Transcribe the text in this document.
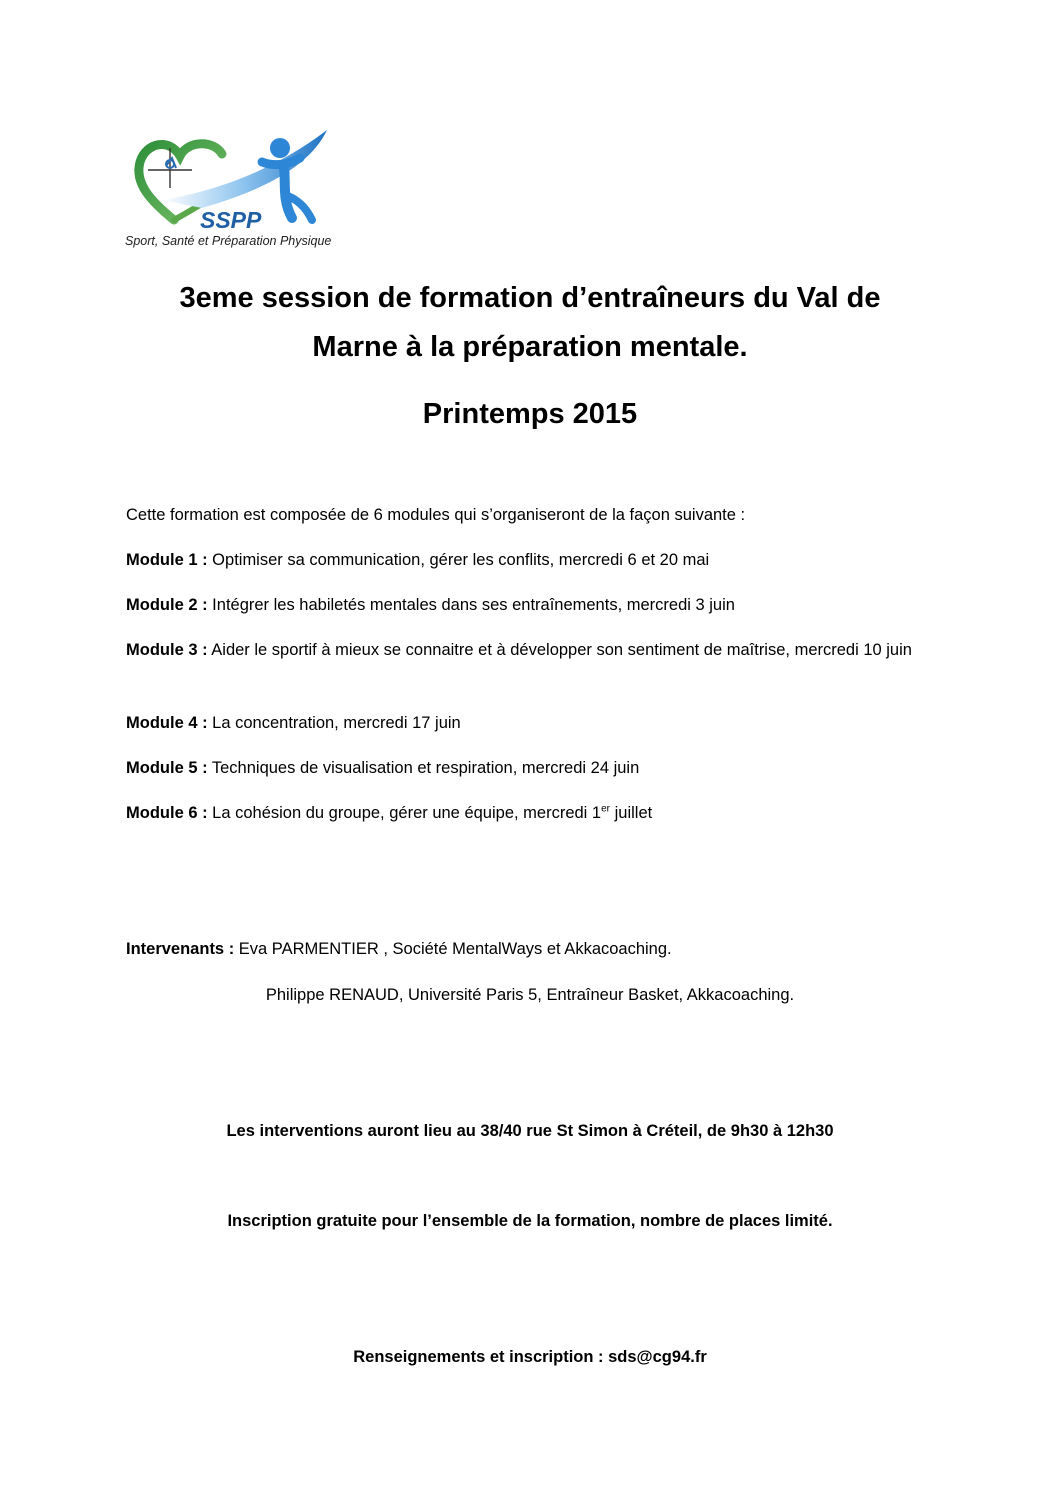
SSPP
Sport, Santé et Préparation Physique
3eme session de formation d’entraîneurs du Val de
Marne à la préparation mentale.
Printemps 2015

Cette formation est composée de 6 modules qui s’organiseront de la façon suivante :

Module 1 : Optimiser sa communication, gérer les conflits, mercredi 6 et 20 mai

Module 2 : Intégrer les habiletés mentales dans ses entraînements, mercredi 3 juin

Module 3 : Aider le sportif à mieux se connaitre et à développer son sentiment de maîtrise, mercredi 10 juin

Module 4 : La concentration, mercredi 17 juin

Module 5 : Techniques de visualisation et respiration, mercredi 24 juin

Module 6 : La cohésion du groupe, gérer une équipe, mercredi 1er juillet

Intervenants : Eva PARMENTIER , Société MentalWays et Akkacoaching.

Philippe RENAUD, Université Paris 5, Entraîneur Basket, Akkacoaching.

Les interventions auront lieu au 38/40 rue St Simon à Créteil, de 9h30 à 12h30

Inscription gratuite pour l’ensemble de la formation, nombre de places limité.

Renseignements et inscription : sds@cg94.fr
